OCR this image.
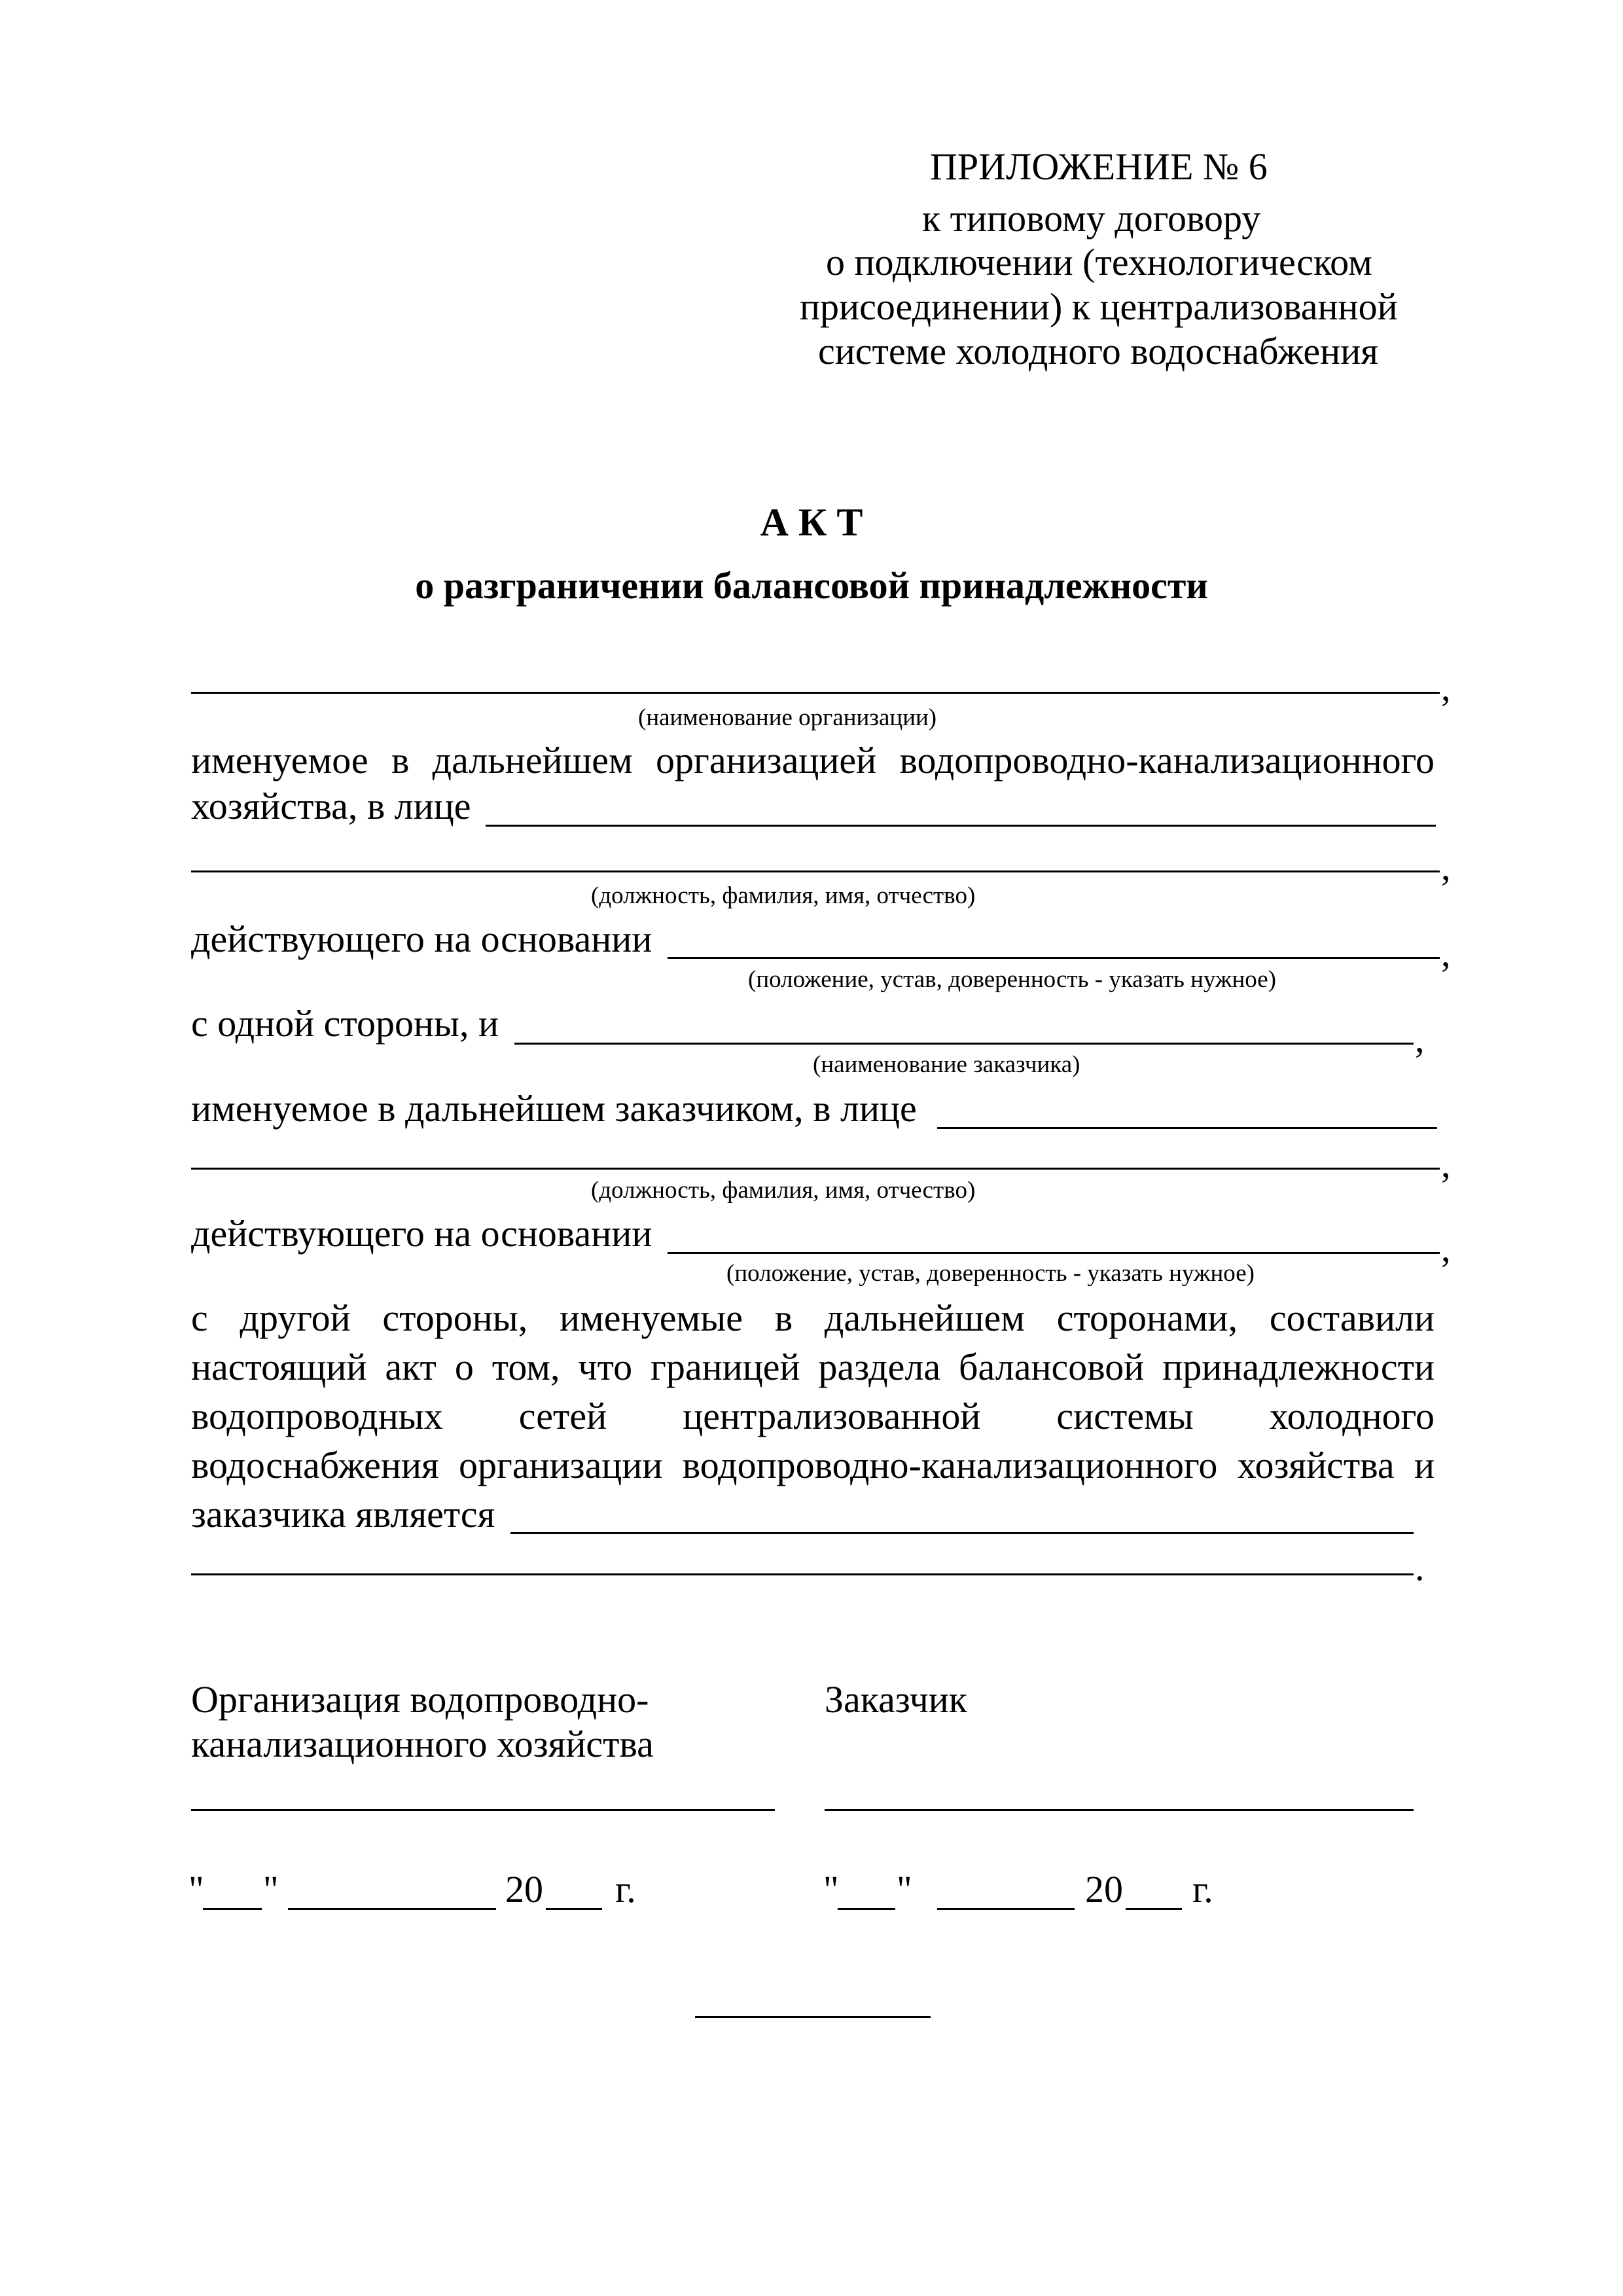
ПРИЛОЖЕНИЕ № 6
к типовому договору
о подключении (технологическом
присоединении) к централизованной
системе холодного водоснабжения
А К Т
о разграничении балансовой принадлежности
,
(наименование организации)
именуемое в дальнейшем организацией водопроводно-канализационного
хозяйства, в лице
,
(должность, фамилия, имя, отчество)
действующего на основании	,
(положение, устав, доверенность - указать нужное)
с одной стороны, и	,
(наименование заказчика)
именуемое в дальнейшем заказчиком, в лице
,
(должность, фамилия, имя, отчество)
действующего на основании	,
(положение, устав, доверенность - указать нужное)
с другой стороны, именуемые в дальнейшем сторонами, составили
настоящий акт о том, что границей раздела балансовой принадлежности
водопроводных сетей централизованной системы холодного
водоснабжения организации водопроводно-канализационного хозяйства и
заказчика является
.
Организация водопроводно-
канализационного хозяйства
Заказчик
" "	20 г.	" "	20 г.
